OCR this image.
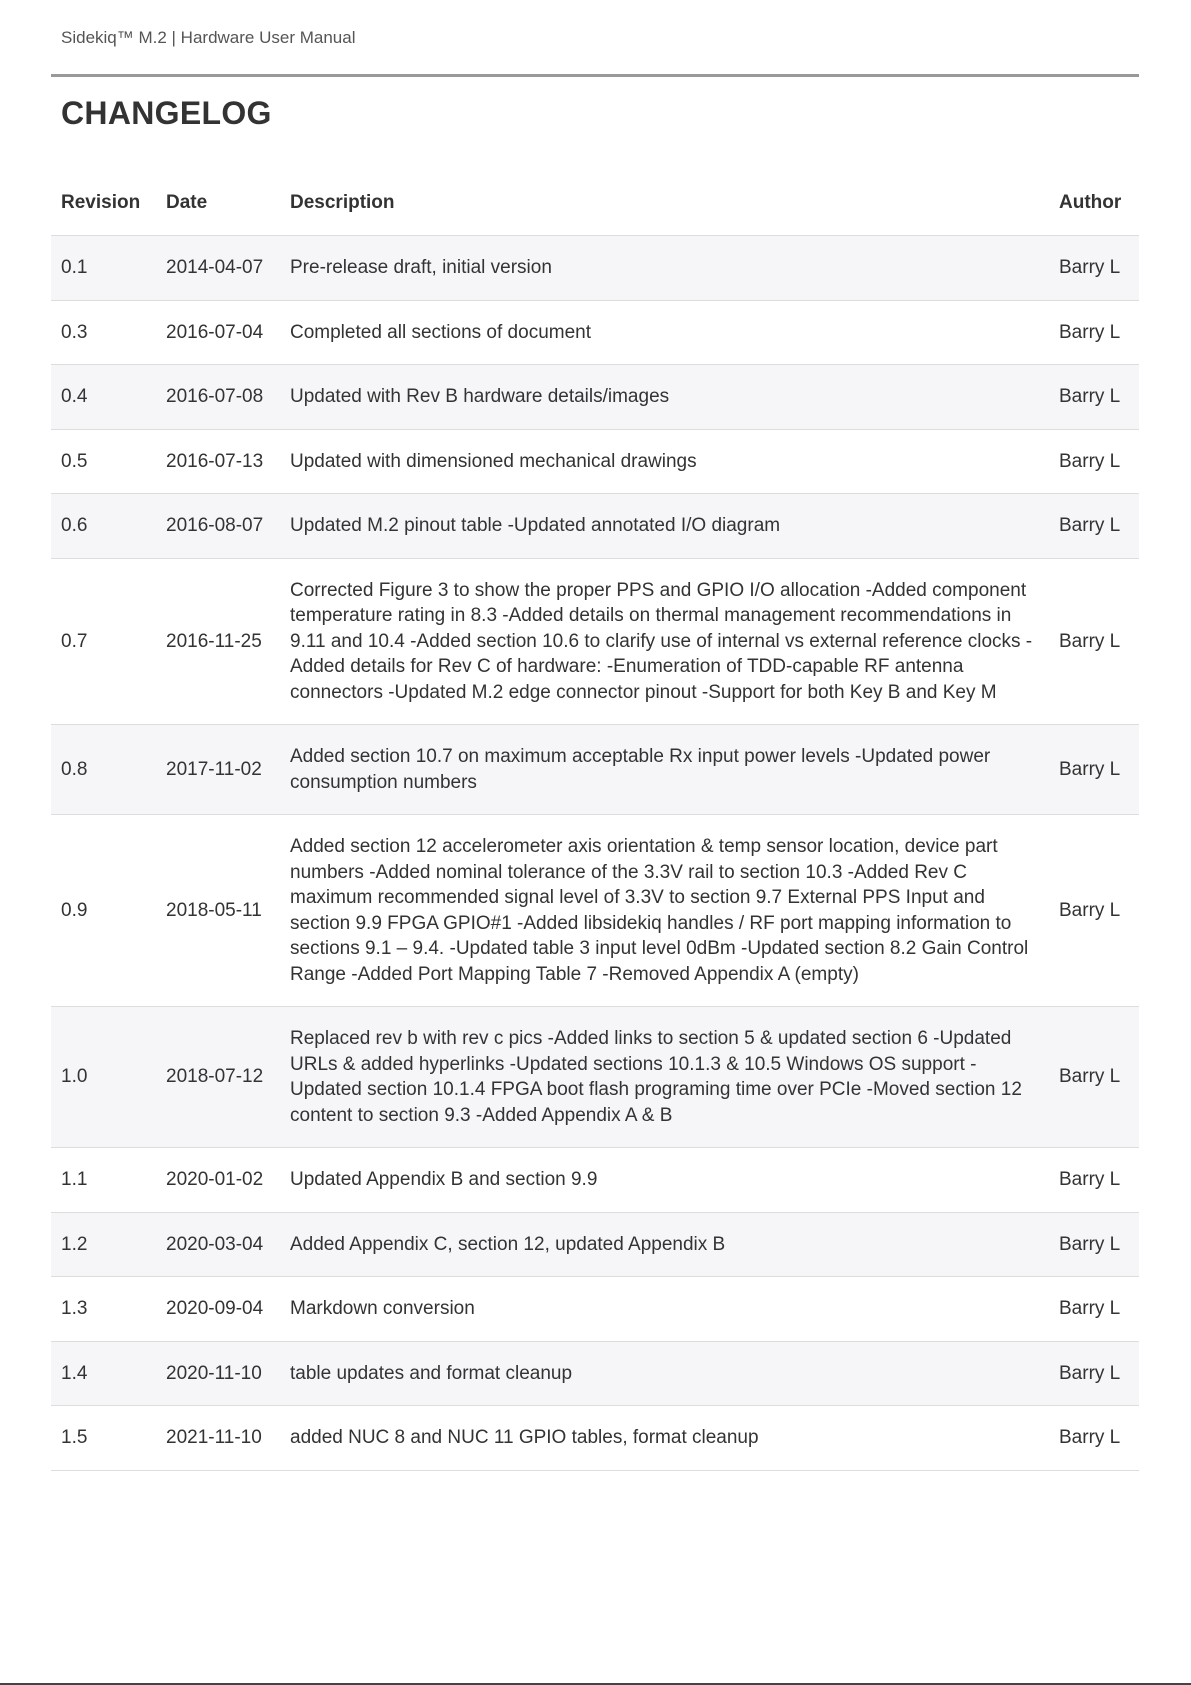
Sidekiq™ M.2 | Hardware User Manual
CHANGELOG
Revision	Date	Description	Author
0.1	2014-04-07	Pre-release draft, initial version	Barry L
0.3	2016-07-04	Completed all sections of document	Barry L
0.4	2016-07-08	Updated with Rev B hardware details/images	Barry L
0.5	2016-07-13	Updated with dimensioned mechanical drawings	Barry L
0.6	2016-08-07	Updated M.2 pinout table -Updated annotated I/O diagram	Barry L
0.7	2016-11-25	Corrected Figure 3 to show the proper PPS and GPIO I/O allocation -Added component temperature rating in 8.3 -Added details on thermal management recommendations in 9.11 and 10.4 -Added section 10.6 to clarify use of internal vs external reference clocks -Added details for Rev C of hardware: -Enumeration of TDD-capable RF antenna connectors -Updated M.2 edge connector pinout -Support for both Key B and Key M	Barry L
0.8	2017-11-02	Added section 10.7 on maximum acceptable Rx input power levels -Updated power consumption numbers	Barry L
0.9	2018-05-11	Added section 12 accelerometer axis orientation & temp sensor location, device part numbers -Added nominal tolerance of the 3.3V rail to section 10.3 -Added Rev C maximum recommended signal level of 3.3V to section 9.7 External PPS Input and section 9.9 FPGA GPIO#1 -Added libsidekiq handles / RF port mapping information to sections 9.1 – 9.4. -Updated table 3 input level 0dBm -Updated section 8.2 Gain Control Range -Added Port Mapping Table 7 -Removed Appendix A (empty)	Barry L
1.0	2018-07-12	Replaced rev b with rev c pics -Added links to section 5 & updated section 6 -Updated URLs & added hyperlinks -Updated sections 10.1.3 & 10.5 Windows OS support -Updated section 10.1.4 FPGA boot flash programing time over PCIe -Moved section 12 content to section 9.3 -Added Appendix A & B	Barry L
1.1	2020-01-02	Updated Appendix B and section 9.9	Barry L
1.2	2020-03-04	Added Appendix C, section 12, updated Appendix B	Barry L
1.3	2020-09-04	Markdown conversion	Barry L
1.4	2020-11-10	table updates and format cleanup	Barry L
1.5	2021-11-10	added NUC 8 and NUC 11 GPIO tables, format cleanup	Barry L
